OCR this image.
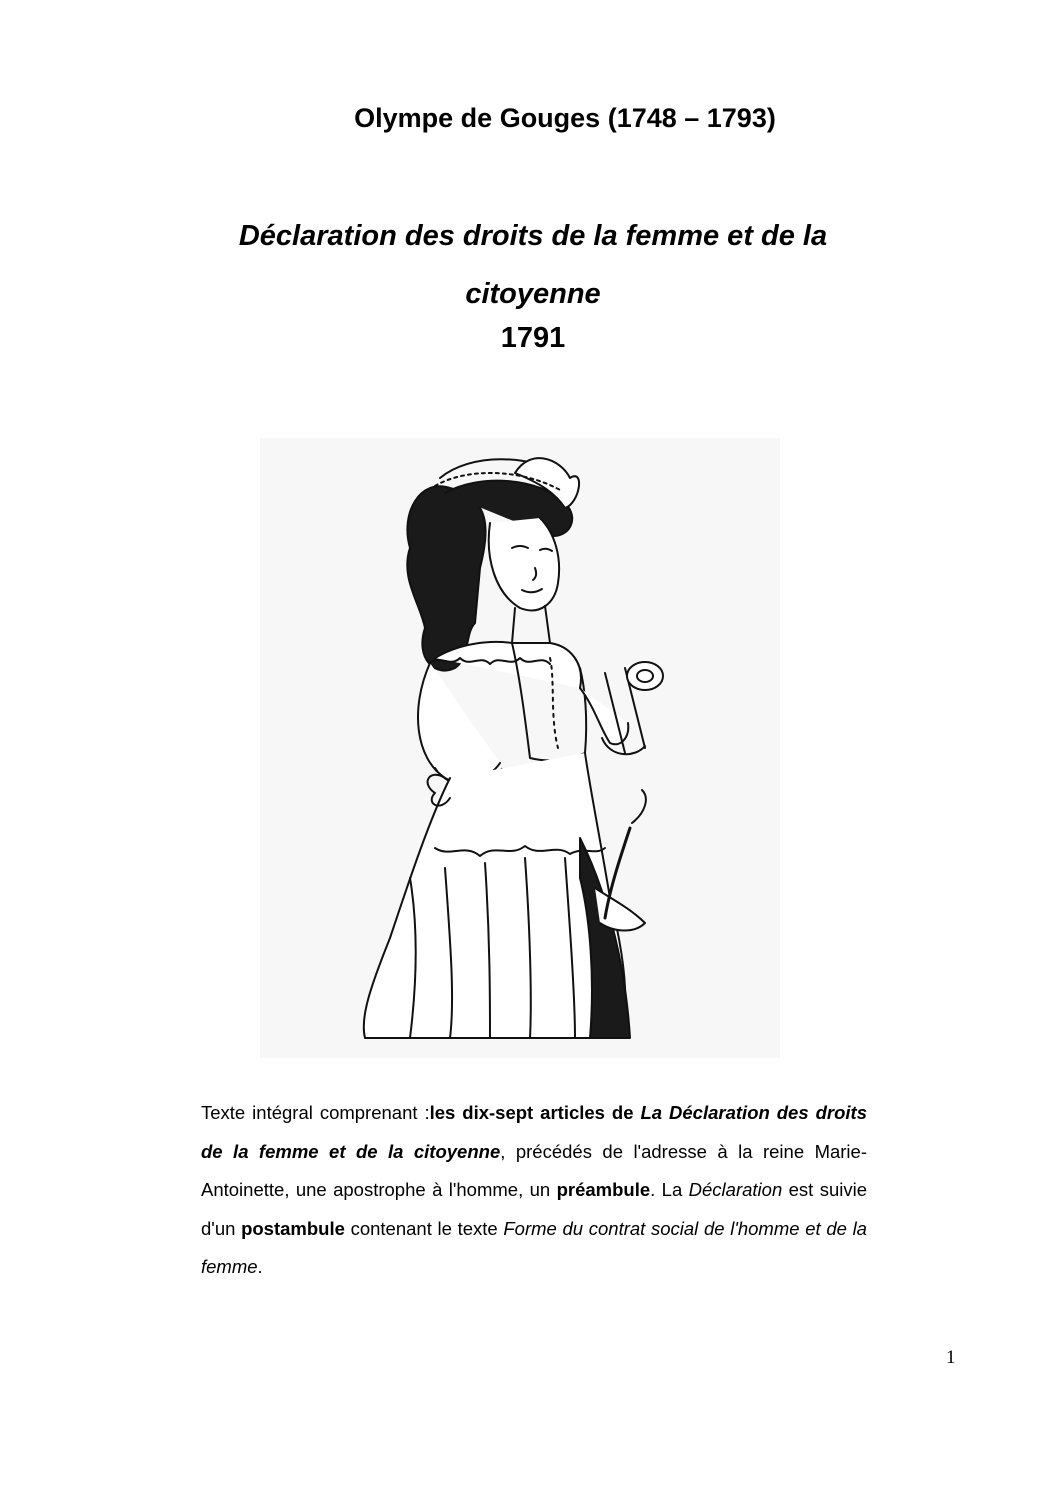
Olympe de Gouges (1748 – 1793)
Déclaration des droits de la femme et de la
citoyenne
1791

Texte intégral comprenant :les dix-sept articles de La Déclaration des droits de la femme et de la citoyenne, précédés de l'adresse à la reine Marie-Antoinette, une apostrophe à l'homme, un préambule. La Déclaration est suivie d'un postambule contenant le texte Forme du contrat social de l'homme et de la femme.

1
